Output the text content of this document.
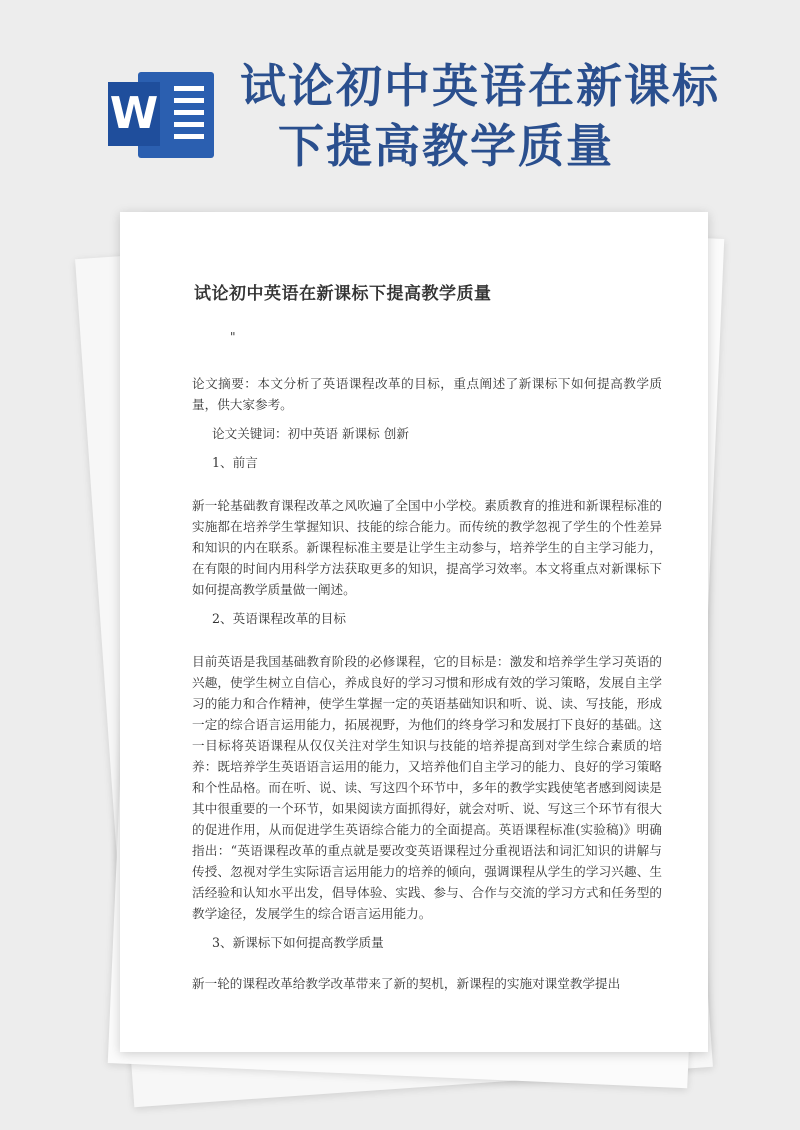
W
试论初中英语在新课标
下提高教学质量
试论初中英语在新课标下提高教学质量
"

论文摘要：本文分析了英语课程改革的目标，重点阐述了新课标下如何提高教学质量，供大家参考。

论文关键词：初中英语 新课标 创新

1、前言

新一轮基础教育课程改革之风吹遍了全国中小学校。素质教育的推进和新课程标准的实施都在培养学生掌握知识、技能的综合能力。而传统的教学忽视了学生的个性差异和知识的内在联系。新课程标准主要是让学生主动参与，培养学生的自主学习能力，在有限的时间内用科学方法获取更多的知识，提高学习效率。本文将重点对新课标下如何提高教学质量做一阐述。

2、英语课程改革的目标

目前英语是我国基础教育阶段的必修课程，它的目标是：激发和培养学生学习英语的兴趣，使学生树立自信心，养成良好的学习习惯和形成有效的学习策略，发展自主学习的能力和合作精神，使学生掌握一定的英语基础知识和听、说、读、写技能，形成一定的综合语言运用能力，拓展视野，为他们的终身学习和发展打下良好的基础。这一目标将英语课程从仅仅关注对学生知识与技能的培养提高到对学生综合素质的培养：既培养学生英语语言运用的能力，又培养他们自主学习的能力、良好的学习策略和个性品格。而在听、说、读、写这四个环节中，多年的教学实践使笔者感到阅读是其中很重要的一个环节，如果阅读方面抓得好，就会对听、说、写这三个环节有很大的促进作用，从而促进学生英语综合能力的全面提高。英语课程标准(实验稿)》明确指出：“英语课程改革的重点就是要改变英语课程过分重视语法和词汇知识的讲解与传授、忽视对学生实际语言运用能力的培养的倾向，强调课程从学生的学习兴趣、生活经验和认知水平出发，倡导体验、实践、参与、合作与交流的学习方式和任务型的教学途径，发展学生的综合语言运用能力。

3、新课标下如何提高教学质量

新一轮的课程改革给教学改革带来了新的契机，新课程的实施对课堂教学提出
